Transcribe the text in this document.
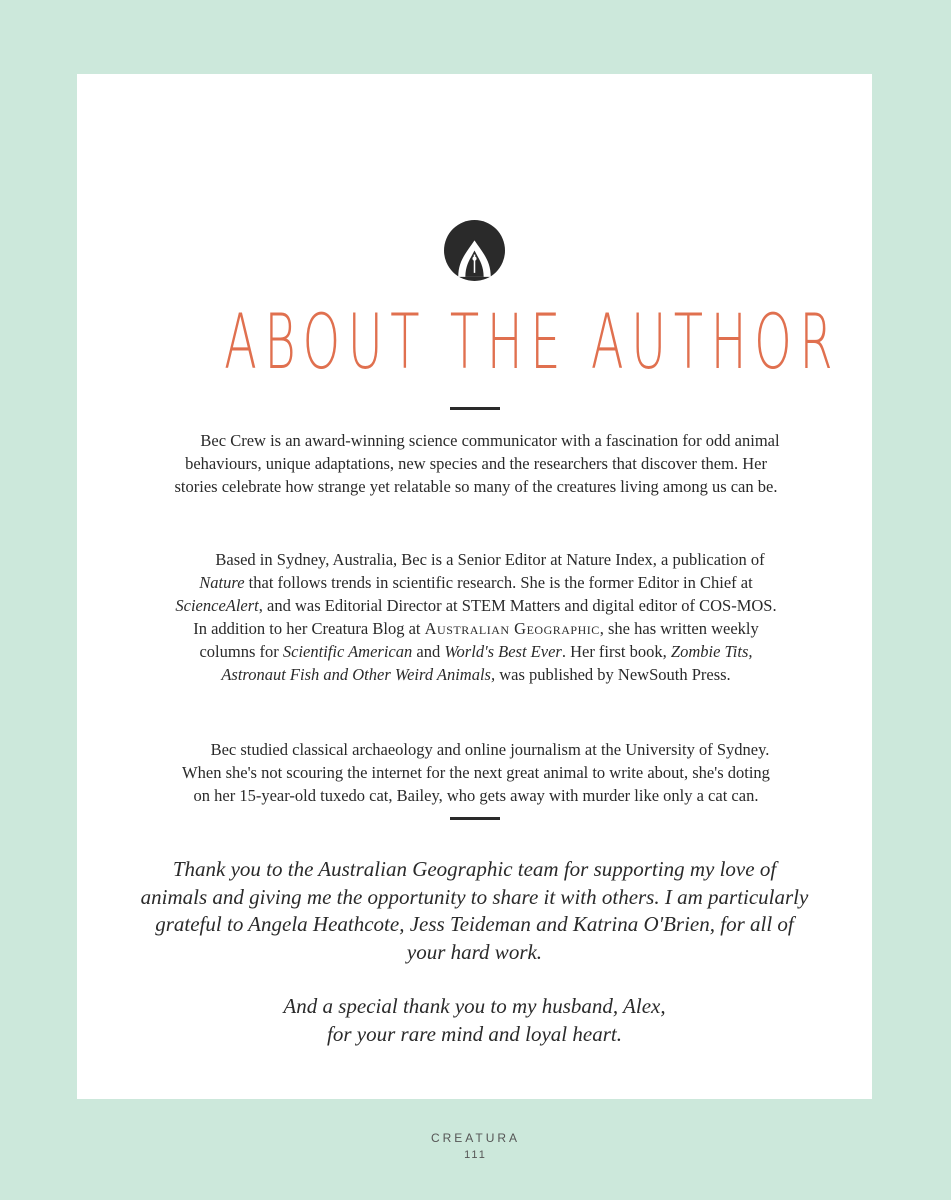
ABOUT THE AUTHOR

Bec Crew is an award-winning science communicator with a fascination for odd animal behaviours, unique adaptations, new species and the researchers that discover them. Her stories celebrate how strange yet relatable so many of the creatures living among us can be.

Based in Sydney, Australia, Bec is a Senior Editor at Nature Index, a publication of Nature that follows trends in scientific research. She is the former Editor in Chief at ScienceAlert, and was Editorial Director at STEM Matters and digital editor of COS-MOS. In addition to her Creatura Blog at Australian Geographic, she has written weekly columns for Scientific American and World's Best Ever. Her first book, Zombie Tits, Astronaut Fish and Other Weird Animals, was published by NewSouth Press.

Bec studied classical archaeology and online journalism at the University of Sydney. When she's not scouring the internet for the next great animal to write about, she's doting on her 15-year-old tuxedo cat, Bailey, who gets away with murder like only a cat can.

Thank you to the Australian Geographic team for supporting my love of animals and giving me the opportunity to share it with others. I am particularly grateful to Angela Heathcote, Jess Teideman and Katrina O'Brien, for all of your hard work.
And a special thank you to my husband, Alex,
for your rare mind and loyal heart.
CREATURA
111
